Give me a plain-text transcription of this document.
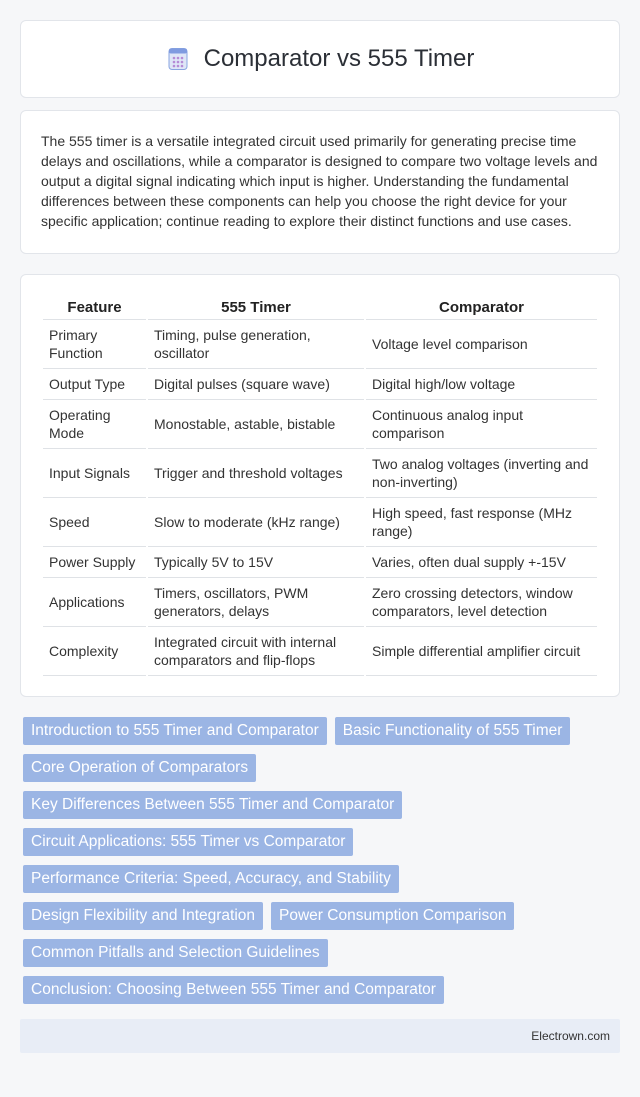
Comparator vs 555 Timer

The 555 timer is a versatile integrated circuit used primarily for generating precise time delays and oscillations, while a comparator is designed to compare two voltage levels and output a digital signal indicating which input is higher. Understanding the fundamental differences between these components can help you choose the right device for your specific application; continue reading to explore their distinct functions and use cases.

Feature	555 Timer	Comparator
Primary Function	Timing, pulse generation, oscillator	Voltage level comparison
Output Type	Digital pulses (square wave)	Digital high/low voltage
Operating Mode	Monostable, astable, bistable	Continuous analog input comparison
Input Signals	Trigger and threshold voltages	Two analog voltages (inverting and non-inverting)
Speed	Slow to moderate (kHz range)	High speed, fast response (MHz range)
Power Supply	Typically 5V to 15V	Varies, often dual supply +-15V
Applications	Timers, oscillators, PWM generators, delays	Zero crossing detectors, window comparators, level detection
Complexity	Integrated circuit with internal comparators and flip-flops	Simple differential amplifier circuit
Introduction to 555 Timer and Comparator	Basic Functionality of 555 Timer
Core Operation of Comparators
Key Differences Between 555 Timer and Comparator
Circuit Applications: 555 Timer vs Comparator
Performance Criteria: Speed, Accuracy, and Stability
Design Flexibility and Integration	Power Consumption Comparison
Common Pitfalls and Selection Guidelines
Conclusion: Choosing Between 555 Timer and Comparator
Electrown.com
